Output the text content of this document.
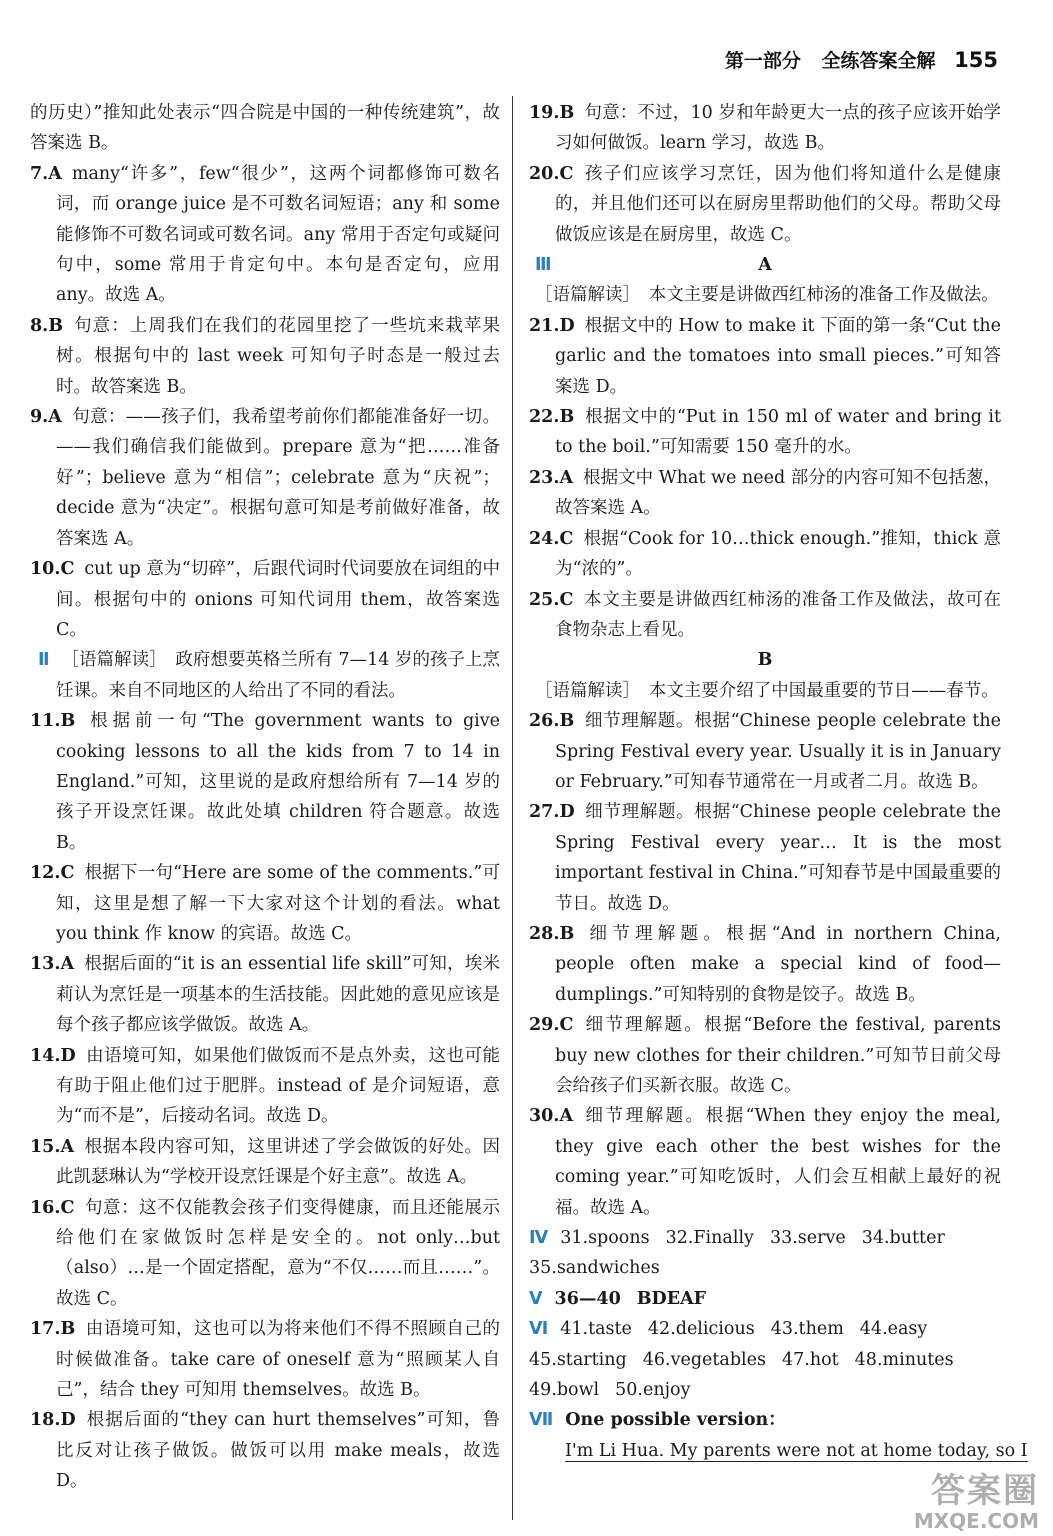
第一部分 全练答案全解 155
的历史）”推知此处表示“四合院是中国的一种传统建筑”，故答案选 B。
7.A many“许多”，few“很少”，这两个词都修饰可数名词，而 orange juice 是不可数名词短语；any 和 some 能修饰不可数名词或可数名词。any 常用于否定句或疑问句中，some 常用于肯定句中。本句是否定句，应用 any。故选 A。
8.B 句意：上周我们在我们的花园里挖了一些坑来栽苹果树。根据句中的 last week 可知句子时态是一般过去时。故答案选 B。
9.A 句意：——孩子们，我希望考前你们都能准备好一切。——我们确信我们能做到。prepare 意为“把……准备好”；believe 意为“相信”；celebrate 意为“庆祝”；decide 意为“决定”。根据句意可知是考前做好准备，故答案选 A。
10.C cut up 意为“切碎”，后跟代词时代词要放在词组的中间。根据句中的 onions 可知代词用 them，故答案选 C。
Ⅱ ［语篇解读］　政府想要英格兰所有 7—14 岁的孩子上烹饪课。来自不同地区的人给出了不同的看法。
11.B 根据前一句“The government wants to give cooking lessons to all the kids from 7 to 14 in England.”可知，这里说的是政府想给所有 7—14 岁的孩子开设烹饪课。故此处填 children 符合题意。故选 B。
12.C 根据下一句“Here are some of the comments.”可知，这里是想了解一下大家对这个计划的看法。what you think 作 know 的宾语。故选 C。
13.A 根据后面的“it is an essential life skill”可知，埃米莉认为烹饪是一项基本的生活技能。因此她的意见应该是每个孩子都应该学做饭。故选 A。
14.D 由语境可知，如果他们做饭而不是点外卖，这也可能有助于阻止他们过于肥胖。instead of 是介词短语，意为“而不是”，后接动名词。故选 D。
15.A 根据本段内容可知，这里讲述了学会做饭的好处。因此凯瑟琳认为“学校开设烹饪课是个好主意”。故选 A。
16.C 句意：这不仅能教会孩子们变得健康，而且还能展示给他们在家做饭时怎样是安全的。not only…but（also）…是一个固定搭配，意为“不仅……而且……”。故选 C。
17.B 由语境可知，这也可以为将来他们不得不照顾自己的时候做准备。take care of oneself 意为“照顾某人自己”，结合 they 可知用 themselves。故选 B。
18.D 根据后面的“they can hurt themselves”可知，鲁比反对让孩子做饭。做饭可以用 make meals，故选 D。
19.B 句意：不过，10 岁和年龄更大一点的孩子应该开始学习如何做饭。learn 学习，故选 B。
20.C 孩子们应该学习烹饪，因为他们将知道什么是健康的，并且他们还可以在厨房里帮助他们的父母。帮助父母做饭应该是在厨房里，故选 C。
Ⅲ	A
［语篇解读］　本文主要是讲做西红柿汤的准备工作及做法。
21.D 根据文中的 How to make it 下面的第一条“Cut the garlic and the tomatoes into small pieces.”可知答案选 D。
22.B 根据文中的“Put in 150 ml of water and bring it to the boil.”可知需要 150 毫升的水。
23.A 根据文中 What we need 部分的内容可知不包括葱，故答案选 A。
24.C 根据“Cook for 10…thick enough.”推知，thick 意为“浓的”。
25.C 本文主要是讲做西红柿汤的准备工作及做法，故可在食物杂志上看见。
B
［语篇解读］　本文主要介绍了中国最重要的节日——春节。
26.B 细节理解题。根据“Chinese people celebrate the Spring Festival every year. Usually it is in January or February.”可知春节通常在一月或者二月。故选 B。
27.D 细节理解题。根据“Chinese people celebrate the Spring Festival every year… It is the most important festival in China.”可知春节是中国最重要的节日。故选 D。
28.B 细节理解题。根据“And in northern China, people often make a special kind of food—dumplings.”可知特别的食物是饺子。故选 B。
29.C 细节理解题。根据“Before the festival, parents buy new clothes for their children.”可知节日前父母会给孩子们买新衣服。故选 C。
30.A 细节理解题。根据“When they enjoy the meal, they give each other the best wishes for the coming year.”可知吃饭时，人们会互相献上最好的祝福。故选 A。
Ⅳ 31.spoons 32.Finally 33.serve 34.butter
35.sandwiches
Ⅴ 36—40 BDEAF
Ⅵ 41.taste 42.delicious 43.them 44.easy
45.starting 46.vegetables 47.hot 48.minutes
49.bowl 50.enjoy
Ⅶ One possible version：
I'm Li Hua. My parents were not at home today, so I
答案圈
MXQE.COM
